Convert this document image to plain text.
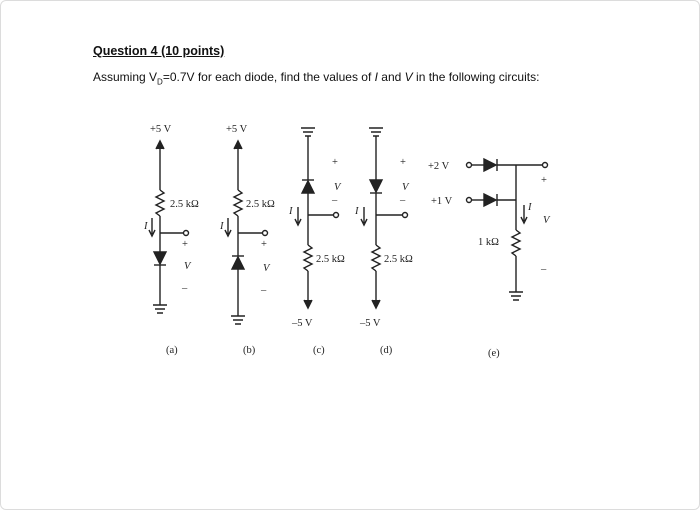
Question 4 (10 points)
Assuming $V_D=0.7V$ for each diode, find the values of I and V in the following circuits:
+5 V
2.5 kΩ
I
+
V
–
(a)
+5 V
2.5 kΩ
I
+
V
–
(b)
+
V
–
I
2.5 kΩ
–5 V
(c)
+
V
–
I
2.5 kΩ
–5 V
(d)
+2 V
+1 V
+
I
V
1 kΩ
–
(e)
